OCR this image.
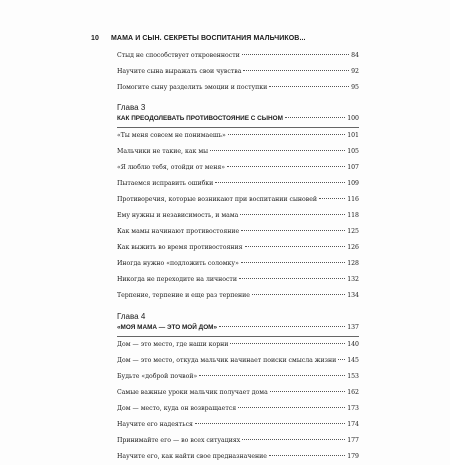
10 МАМА И СЫН. СЕКРЕТЫ ВОСПИТАНИЯ МАЛЬЧИКОВ...
Стыд не способствует откровенности	84
Научите сына выражать свои чувства	92
Помогите сыну разделить эмоции и поступки	95
Глава 3
КАК ПРЕОДОЛЕВАТЬ ПРОТИВОСТОЯНИЕ С СЫНОМ	100
«Ты меня совсем не понимаешь»	101
Мальчики не такие, как мы	105
«Я люблю тебя, отойди от меня»	107
Пытаемся исправить ошибки	109
Противоречия, которые возникают при воспитании сыновей	116
Ему нужны и независимость, и мама	118
Как мамы начинают противостояние	125
Как выжить во время противостояния	126
Иногда нужно «подложить соломку»	128
Никогда не переходите на личности	132
Терпение, терпение и еще раз терпение	134
Глава 4
«МОЯ МАМА — ЭТО МОЙ ДОМ»	137
Дом — это место, где наши корни	140
Дом — это место, откуда мальчик начинает поиски смысла жизни 145
Будьте «доброй почвой»	153
Самые важные уроки мальчик получает дома	162
Дом — место, куда он возвращается	173
Научите его надеяться	174
Принимайте его — во всех ситуациях	177
Научите его, как найти свое предназначение	179
